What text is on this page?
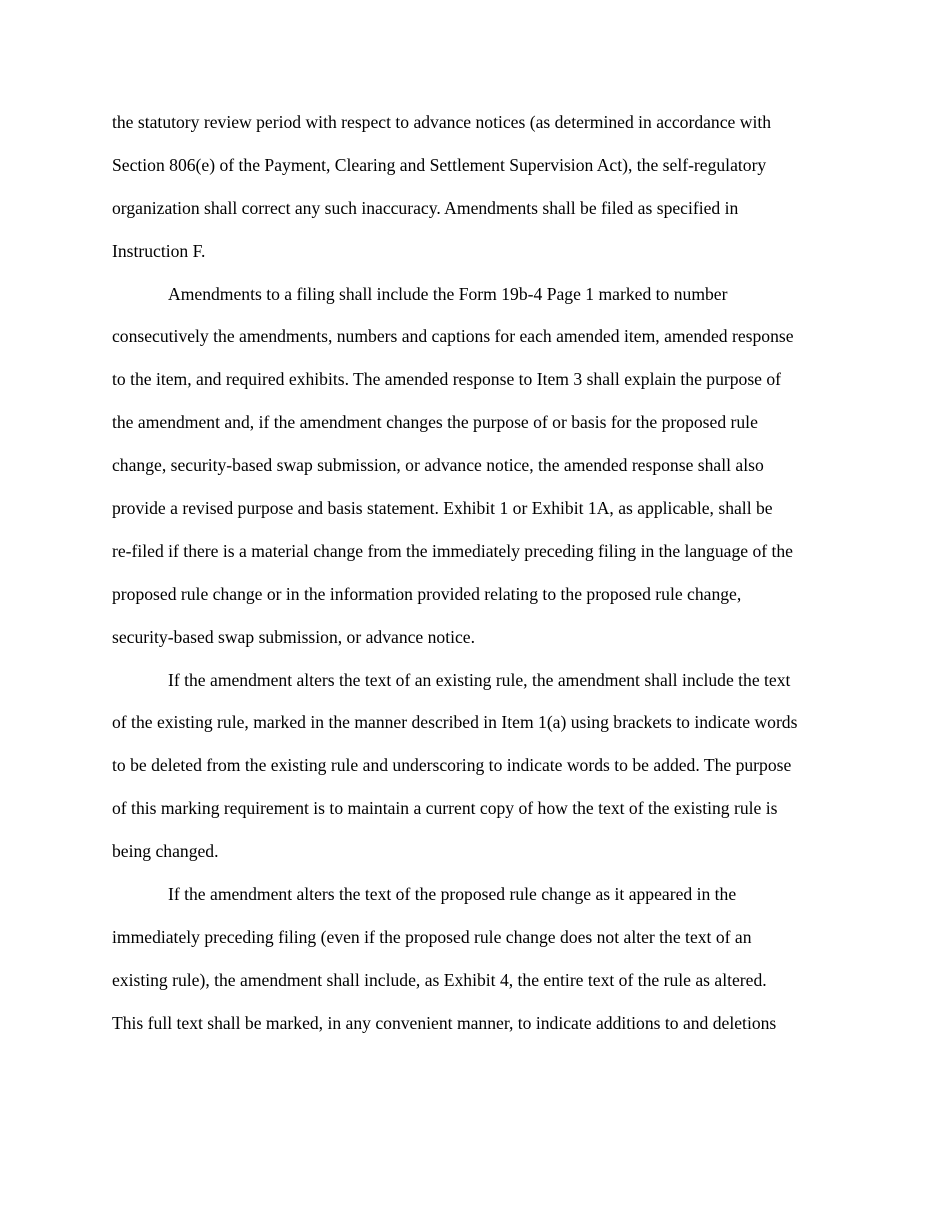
the statutory review period with respect to advance notices (as determined in accordance with
Section 806(e) of the Payment, Clearing and Settlement Supervision Act), the self-regulatory
organization shall correct any such inaccuracy. Amendments shall be filed as specified in
Instruction F.

Amendments to a filing shall include the Form 19b-4 Page 1 marked to number
consecutively the amendments, numbers and captions for each amended item, amended response
to the item, and required exhibits. The amended response to Item 3 shall explain the purpose of
the amendment and, if the amendment changes the purpose of or basis for the proposed rule
change, security-based swap submission, or advance notice, the amended response shall also
provide a revised purpose and basis statement. Exhibit 1 or Exhibit 1A, as applicable, shall be
re-filed if there is a material change from the immediately preceding filing in the language of the
proposed rule change or in the information provided relating to the proposed rule change,
security-based swap submission, or advance notice.

If the amendment alters the text of an existing rule, the amendment shall include the text
of the existing rule, marked in the manner described in Item 1(a) using brackets to indicate words
to be deleted from the existing rule and underscoring to indicate words to be added. The purpose
of this marking requirement is to maintain a current copy of how the text of the existing rule is
being changed.

If the amendment alters the text of the proposed rule change as it appeared in the
immediately preceding filing (even if the proposed rule change does not alter the text of an
existing rule), the amendment shall include, as Exhibit 4, the entire text of the rule as altered.
This full text shall be marked, in any convenient manner, to indicate additions to and deletions
